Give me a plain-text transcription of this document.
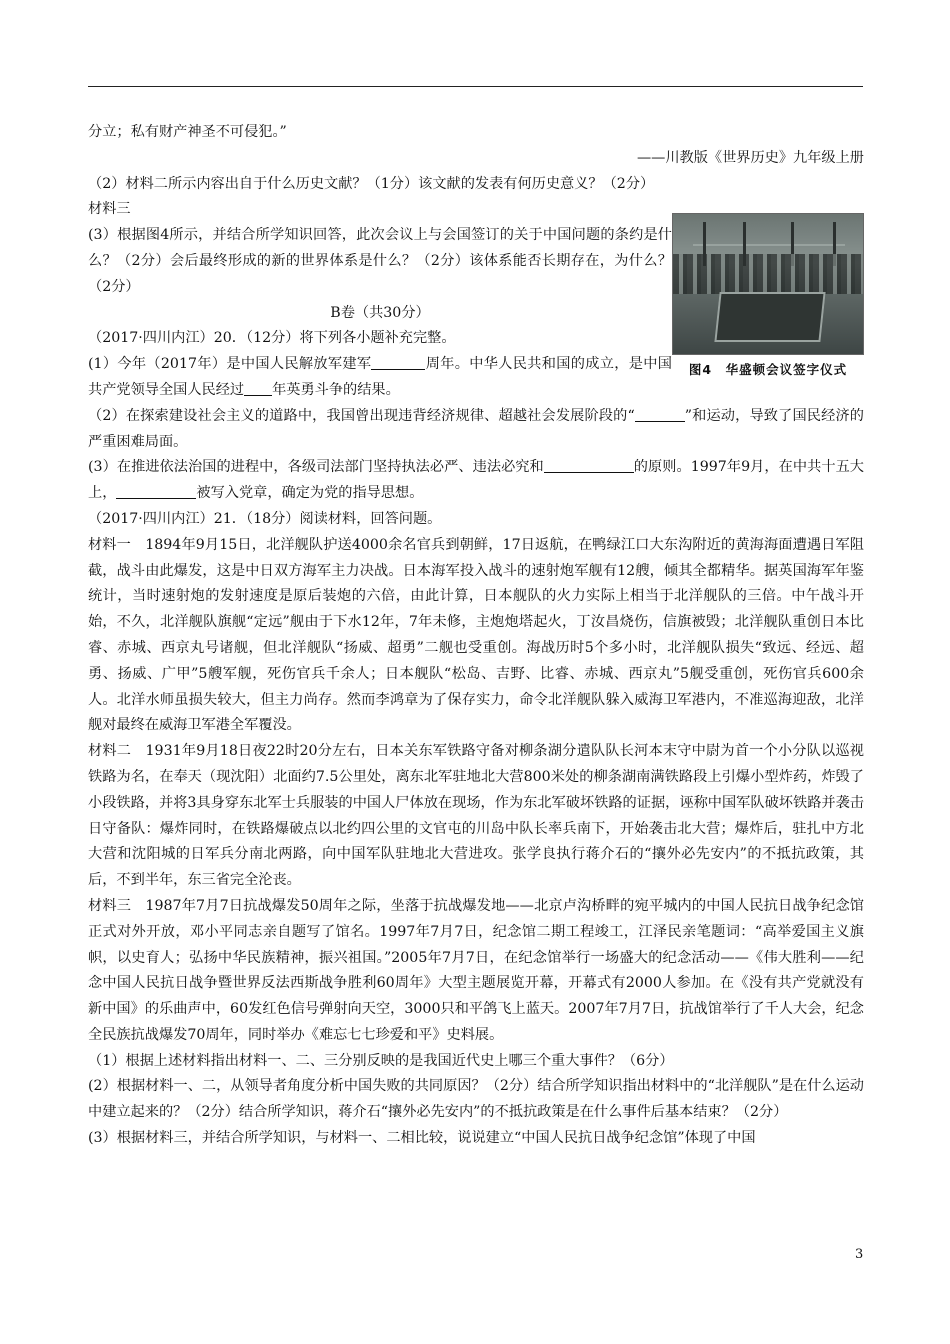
分立；私有财产神圣不可侵犯。”

——川教版《世界历史》九年级上册

（2）材料二所示内容出自于什么历史文献？（1分）该文献的发表有何历史意义？（2分）

图4　华盛顿会议签字仪式

材料三

(3）根据图4所示，并结合所学知识回答，此次会议上与会国签订的关于中国问题的条约是什么？（2分）会后最终形成的新的世界体系是什么？（2分）该体系能否长期存在，为什么？（2分）

B卷（共30分）

（2017·四川内江）20．（12分）将下列各小题补充完整。

(1）今年（2017年）是中国人民解放军建军	周年。中华人民共和国的成立，是中国共产党领导全国人民经过 年英勇斗争的结果。

（2）在探索建设社会主义的道路中，我国曾出现违背经济规律、超越社会发展阶段的“	”和运动，导致了国民经济的严重困难局面。

(3）在推进依法治国的进程中，各级司法部门坚持执法必严、违法必究和	的原则。1997年9月，在中共十五大上，	被写入党章，确定为党的指导思想。

（2017·四川内江）21．（18分）阅读材料，回答问题。

材料一　1894年9月15日，北洋舰队护送4000余名官兵到朝鲜，17日返航，在鸭绿江口大东沟附近的黄海海面遭遇日军阻截，战斗由此爆发，这是中日双方海军主力决战。日本海军投入战斗的速射炮军舰有12艘，倾其全都精华。据英国海军年鉴统计，当时速射炮的发射速度是原后装炮的六倍，由此计算，日本舰队的火力实际上相当于北洋舰队的三倍。中午战斗开始，不久，北洋舰队旗舰“定远”舰由于下水12年，7年未修，主炮炮塔起火，丁汝昌烧伤，信旗被毁；北洋舰队重创日本比睿、赤城、西京丸号诸舰，但北洋舰队“扬威、超勇”二舰也受重创。海战历时5个多小时，北洋舰队损失“致远、经远、超勇、扬威、广甲”5艘军舰，死伤官兵千余人；日本舰队“松岛、吉野、比睿、赤城、西京丸”5舰受重创，死伤官兵600余人。北洋水师虽损失较大，但主力尚存。然而李鸿章为了保存实力，命令北洋舰队躲入威海卫军港内，不准巡海迎敌，北洋舰对最终在威海卫军港全军覆没。

材料二　1931年9月18日夜22时20分左右，日本关东军铁路守备对柳条湖分遣队队长河本末守中尉为首一个小分队以巡视铁路为名，在奉天（现沈阳）北面约7.5公里处，离东北军驻地北大营800米处的柳条湖南满铁路段上引爆小型炸药，炸毁了小段铁路，并将3具身穿东北军士兵服装的中国人尸体放在现场，作为东北军破坏铁路的证据，诬称中国军队破坏铁路并袭击日守备队：爆炸同时，在铁路爆破点以北约四公里的文官屯的川岛中队长率兵南下，开始袭击北大营；爆炸后，驻扎中方北大营和沈阳城的日军兵分南北两路，向中国军队驻地北大营进攻。张学良执行蒋介石的“攘外必先安内”的不抵抗政策，其后，不到半年，东三省完全沦丧。

材料三　1987年7月7日抗战爆发50周年之际，坐落于抗战爆发地——北京卢沟桥畔的宛平城内的中国人民抗日战争纪念馆正式对外开放，邓小平同志亲自题写了馆名。1997年7月7日，纪念馆二期工程竣工，江泽民亲笔题词：“高举爱国主义旗帜，以史育人；弘扬中华民族精神，振兴祖国。”2005年7月7日，在纪念馆举行一场盛大的纪念活动——《伟大胜利——纪念中国人民抗日战争暨世界反法西斯战争胜利60周年》大型主题展览开幕，开幕式有2000人参加。在《没有共产党就没有新中国》的乐曲声中，60发红色信号弹射向天空，3000只和平鸽飞上蓝天。2007年7月7日，抗战馆举行了千人大会，纪念全民族抗战爆发70周年，同时举办《难忘七七珍爱和平》史料展。

（1）根据上述材料指出材料一、二、三分别反映的是我国近代史上哪三个重大事件？（6分）

(2）根据材料一、二，从领导者角度分析中国失败的共同原因？（2分）结合所学知识指出材料中的“北洋舰队”是在什么运动中建立起来的？（2分）结合所学知识，蒋介石“攘外必先安内”的不抵抗政策是在什么事件后基本结束？（2分）

(3）根据材料三，并结合所学知识，与材料一、二相比较，说说建立“中国人民抗日战争纪念馆”体现了中国

3
